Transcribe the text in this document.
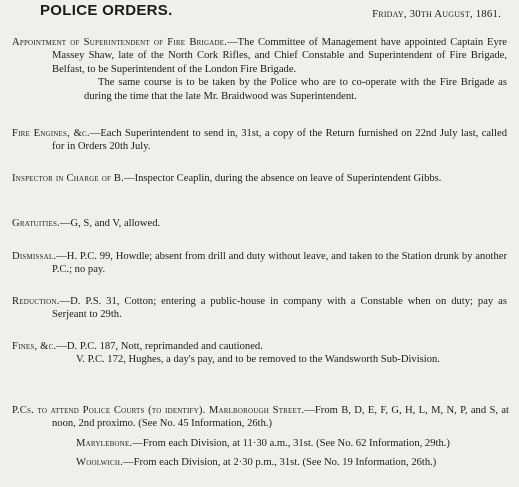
POLICE ORDERS.	Friday, 30th August, 1861.

Appointment of Superintendent of Fire Brigade.—The Committee of Management have appointed Captain Eyre Massey Shaw, late of the North Cork Rifles, and Chief Constable and Superintendent of Fire Brigade, Belfast, to be Superintendent of the London Fire Brigade.

The same course is to be taken by the Police who are to co-operate with the Fire Brigade as during the time that the late Mr. Braidwood was Superintendent.

Fire Engines, &c.—Each Superintendent to send in, 31st, a copy of the Return furnished on 22nd July last, called for in Orders 20th July.

Inspector in Charge of B.—Inspector Ceaplin, during the absence on leave of Superintendent Gibbs.

Gratuities.—G, S, and V, allowed.

Dismissal.—H. P.C. 99, Howdle; absent from drill and duty without leave, and taken to the Station drunk by another P.C.; no pay.

Reduction.—D. P.S. 31, Cotton; entering a public-house in company with a Constable when on duty; pay as Serjeant to 29th.

Fines, &c.—D. P.C. 187, Nott, reprimanded and cautioned.

V. P.C. 172, Hughes, a day's pay, and to be removed to the Wandsworth Sub-Division.

P.Cs. to attend Police Courts (to identify). Marlborough Street.—From B, D, E, F, G, H, L, M, N, P, and S, at noon, 2nd proximo. (See No. 45 Information, 26th.)

Marylebone.—From each Division, at 11·30 a.m., 31st. (See No. 62 Information, 29th.)

Woolwich.—From each Division, at 2·30 p.m., 31st. (See No. 19 Information, 26th.)
